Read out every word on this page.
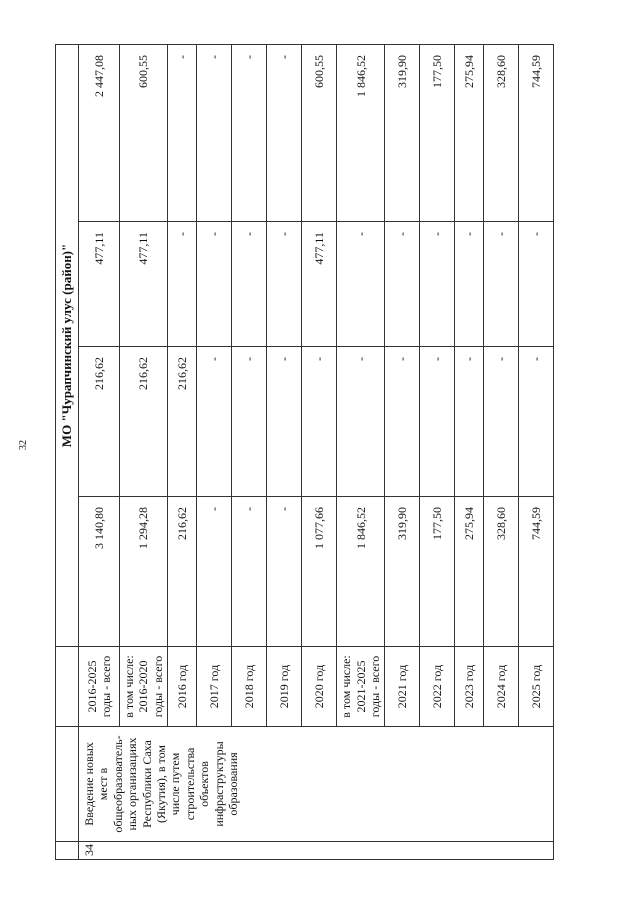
32
			МО "Чурапчинский улус (район)"			
34	Введение новых мест в общеобразователь-ных организациях Республики Саха (Якутия), в том числе путем строительства объектов инфраструктуры образования	2016-2025 годы - всего	3 140,80	216,62	477,11	2 447,08
		в том числе: 2016-2020 годы - всего	1 294,28	216,62	477,11	600,55
		2016 год	216,62	216,62	-	-
		2017 год	-	-	-	-
		2018 год	-	-	-	-
		2019 год	-	-	-	-
		2020 год	1 077,66	-	477,11	600,55
		в том числе: 2021-2025 годы - всего	1 846,52	-	-	1 846,52
		2021 год	319,90	-	-	319,90
		2022 год	177,50	-	-	177,50
		2023 год	275,94	-	-	275,94
		2024 год	328,60	-	-	328,60
		2025 год	744,59	-	-	744,59
